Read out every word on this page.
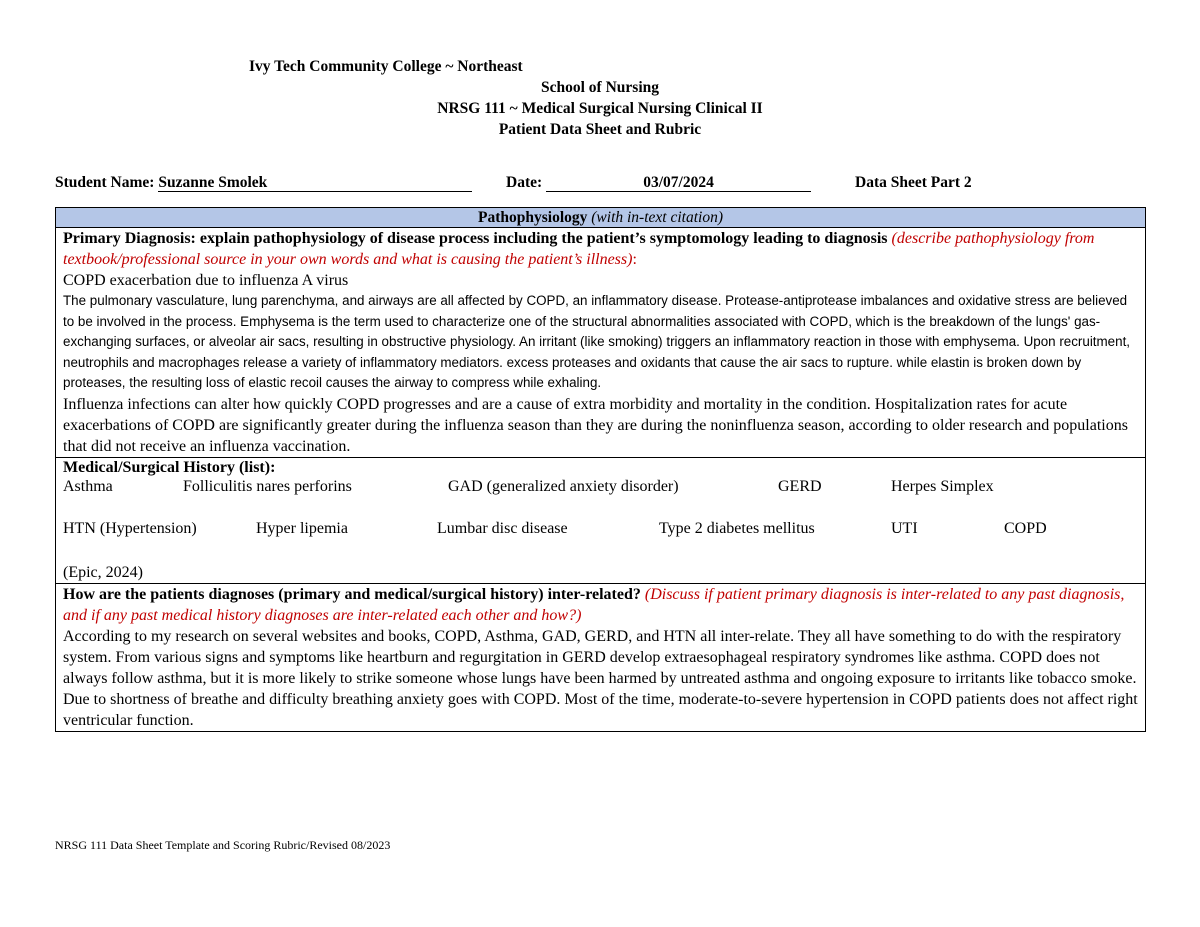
Ivy Tech Community College ~ Northeast
School of Nursing
NRSG 111 ~ Medical Surgical Nursing Clinical II
Patient Data Sheet and Rubric
Student Name: Suzanne Smolek	Date:	03/07/2024	Data Sheet Part 2
Pathophysiology (with in-text citation)

Primary Diagnosis: explain pathophysiology of disease process including the patient’s symptomology leading to diagnosis (describe pathophysiology from textbook/professional source in your own words and what is causing the patient’s illness):
COPD exacerbation due to influenza A virus
The pulmonary vasculature, lung parenchyma, and airways are all affected by COPD, an inflammatory disease. Protease-antiprotease imbalances and oxidative stress are believed to be involved in the process. Emphysema is the term used to characterize one of the structural abnormalities associated with COPD, which is the breakdown of the lungs' gas-exchanging surfaces, or alveolar air sacs, resulting in obstructive physiology. An irritant (like smoking) triggers an inflammatory reaction in those with emphysema. Upon recruitment, neutrophils and macrophages release a variety of inflammatory mediators. excess proteases and oxidants that cause the air sacs to rupture. while elastin is broken down by proteases, the resulting loss of elastic recoil causes the airway to compress while exhaling.
Influenza infections can alter how quickly COPD progresses and are a cause of extra morbidity and mortality in the condition. Hospitalization rates for acute exacerbations of COPD are significantly greater during the influenza season than they are during the noninfluenza season, according to older research and populations that did not receive an influenza vaccination.

Medical/Surgical History (list):
Asthma	Folliculitis nares perforins	GAD (generalized anxiety disorder)	GERD	Herpes Simplex
HTN (Hypertension)	Hyper lipemia	Lumbar disc disease	Type 2 diabetes mellitus	UTI	COPD
(Epic, 2024)

How are the patients diagnoses (primary and medical/surgical history) inter-related? (Discuss if patient primary diagnosis is inter-related to any past diagnosis, and if any past medical history diagnoses are inter-related each other and how?)
According to my research on several websites and books, COPD, Asthma, GAD, GERD, and HTN all inter-relate. They all have something to do with the respiratory system. From various signs and symptoms like heartburn and regurgitation in GERD develop extraesophageal respiratory syndromes like asthma. COPD does not always follow asthma, but it is more likely to strike someone whose lungs have been harmed by untreated asthma and ongoing exposure to irritants like tobacco smoke. Due to shortness of breathe and difficulty breathing anxiety goes with COPD. Most of the time, moderate-to-severe hypertension in COPD patients does not affect right ventricular function.
NRSG 111 Data Sheet Template and Scoring Rubric/Revised 08/2023
